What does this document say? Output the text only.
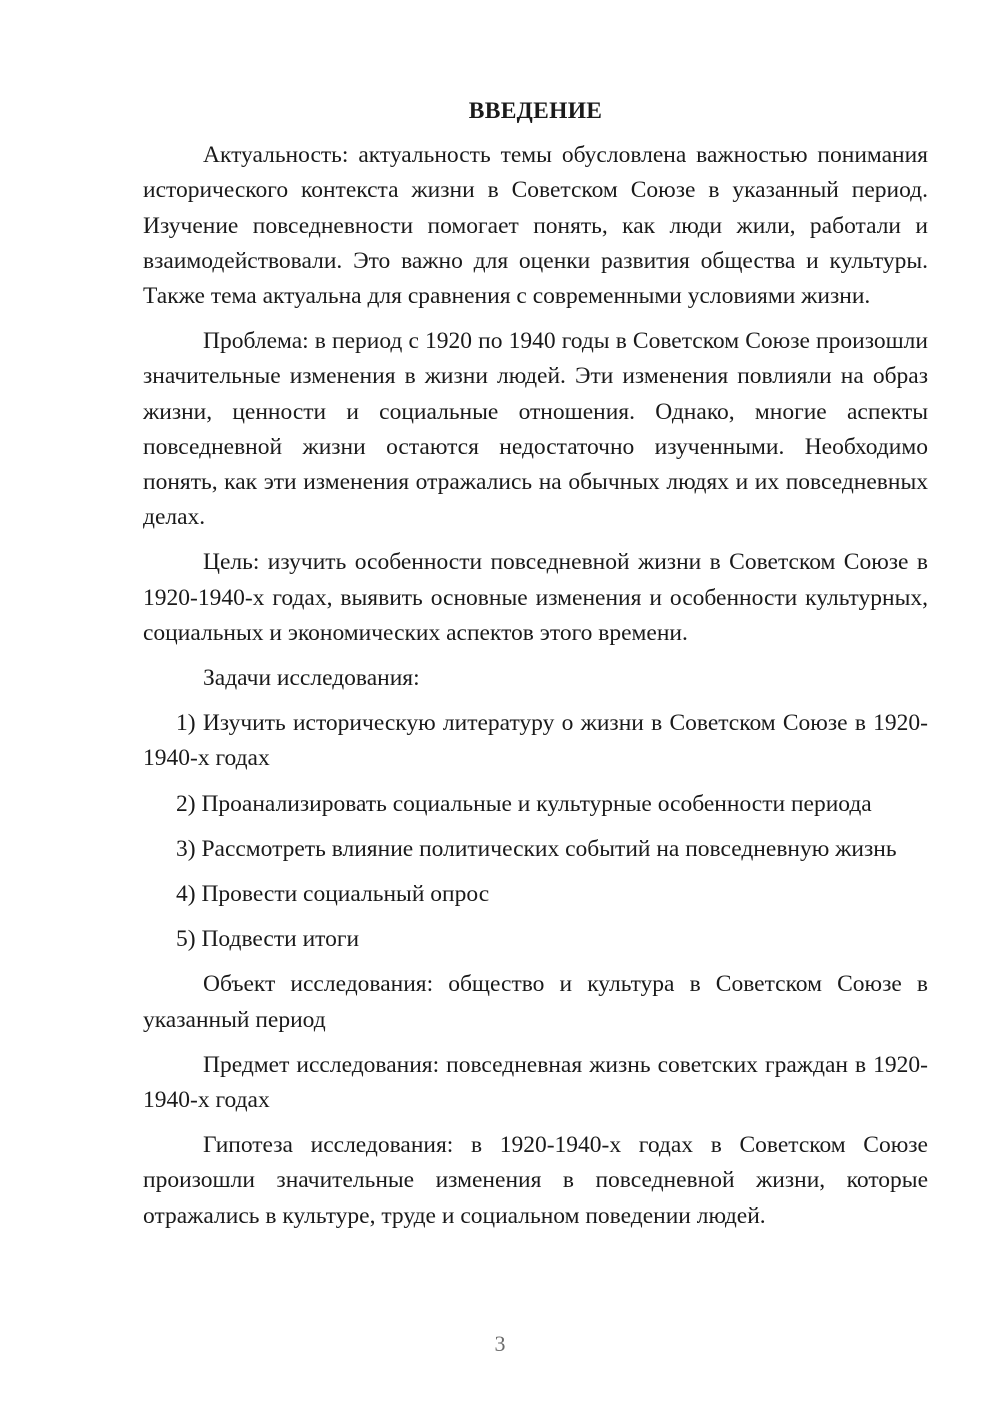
ВВЕДЕНИЕ

Актуальность: актуальность темы обусловлена важностью понимания исторического контекста жизни в Советском Союзе в указанный период. Изучение повседневности помогает понять, как люди жили, работали и взаимодействовали. Это важно для оценки развития общества и культуры. Также тема актуальна для сравнения с современными условиями жизни.

Проблема: в период с 1920 по 1940 годы в Советском Союзе произошли значительные изменения в жизни людей. Эти изменения повлияли на образ жизни, ценности и социальные отношения. Однако, многие аспекты повседневной жизни остаются недостаточно изученными. Необходимо понять, как эти изменения отражались на обычных людях и их повседневных делах.

Цель: изучить особенности повседневной жизни в Советском Союзе в 1920-1940-х годах, выявить основные изменения и особенности культурных, социальных и экономических аспектов этого времени.

Задачи исследования:

1) Изучить историческую литературу о жизни в Советском Союзе в 1920-1940-х годах

2) Проанализировать социальные и культурные особенности периода

3) Рассмотреть влияние политических событий на повседневную жизнь

4) Провести социальный опрос

5) Подвести итоги

Объект исследования: общество и культура в Советском Союзе в указанный период

Предмет исследования: повседневная жизнь советских граждан в 1920-1940-х годах

Гипотеза исследования: в 1920-1940-х годах в Советском Союзе произошли значительные изменения в повседневной жизни, которые отражались в культуре, труде и социальном поведении людей.

3
